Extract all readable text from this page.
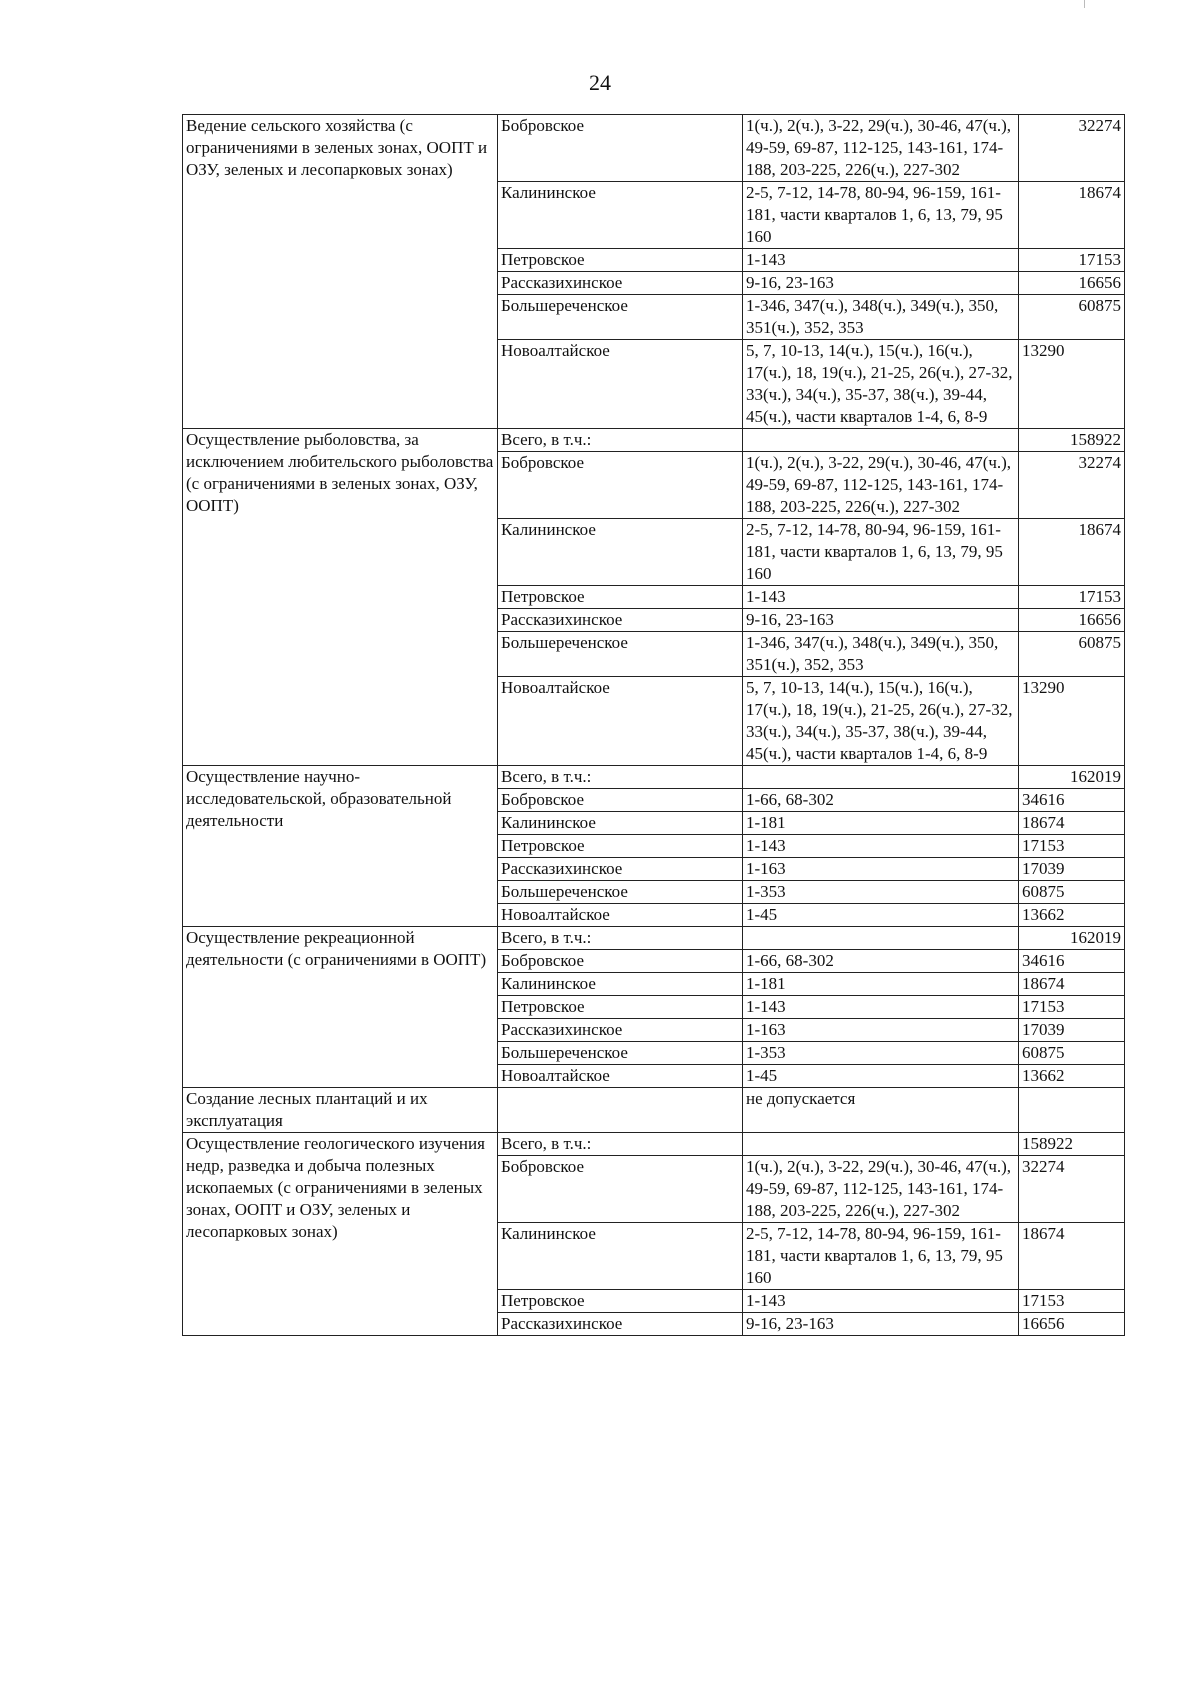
24
Ведение сельского хозяйства (с ограничениями в зеленых зонах, ООПТ и ОЗУ, зеленых и лесопарковых зонах)	Бобровское	1(ч.), 2(ч.), 3-22, 29(ч.), 30-46, 47(ч.), 49-59, 69-87, 112-125, 143-161, 174-188, 203-225, 226(ч.), 227-302	32274
	Калининское	2-5, 7-12, 14-78, 80-94, 96-159, 161-181, части кварталов 1, 6, 13, 79, 95 160	18674
	Петровское	1-143	17153
	Рассказихинское	9-16, 23-163	16656
	Большереченское	1-346, 347(ч.), 348(ч.), 349(ч.), 350, 351(ч.), 352, 353	60875
	Новоалтайское	5, 7, 10-13, 14(ч.), 15(ч.), 16(ч.), 17(ч.), 18, 19(ч.), 21-25, 26(ч.), 27-32, 33(ч.), 34(ч.), 35-37, 38(ч.), 39-44, 45(ч.), части кварталов 1-4, 6, 8-9	13290
Осуществление рыболовства, за исключением любительского рыболовства (с ограничениями в зеленых зонах, ОЗУ, ООПТ)	Всего, в т.ч.:		158922
	Бобровское	1(ч.), 2(ч.), 3-22, 29(ч.), 30-46, 47(ч.), 49-59, 69-87, 112-125, 143-161, 174-188, 203-225, 226(ч.), 227-302	32274
	Калининское	2-5, 7-12, 14-78, 80-94, 96-159, 161-181, части кварталов 1, 6, 13, 79, 95 160	18674
	Петровское	1-143	17153
	Рассказихинское	9-16, 23-163	16656
	Большереченское	1-346, 347(ч.), 348(ч.), 349(ч.), 350, 351(ч.), 352, 353	60875
	Новоалтайское	5, 7, 10-13, 14(ч.), 15(ч.), 16(ч.), 17(ч.), 18, 19(ч.), 21-25, 26(ч.), 27-32, 33(ч.), 34(ч.), 35-37, 38(ч.), 39-44, 45(ч.), части кварталов 1-4, 6, 8-9	13290
Осуществление научно-исследовательской, образовательной деятельности	Всего, в т.ч.:		162019
	Бобровское	1-66, 68-302	34616
	Калининское	1-181	18674
	Петровское	1-143	17153
	Рассказихинское	1-163	17039
	Большереченское	1-353	60875
	Новоалтайское	1-45	13662
Осуществление рекреационной деятельности (с ограничениями в ООПТ)	Всего, в т.ч.:		162019
	Бобровское	1-66, 68-302	34616
	Калининское	1-181	18674
	Петровское	1-143	17153
	Рассказихинское	1-163	17039
	Большереченское	1-353	60875
	Новоалтайское	1-45	13662
Создание лесных плантаций и их эксплуатация		не допускается	
Осуществление геологического изучения недр, разведка и добыча полезных ископаемых (с ограничениями в зеленых зонах, ООПТ и ОЗУ, зеленых и лесопарковых зонах)	Всего, в т.ч.:		158922
	Бобровское	1(ч.), 2(ч.), 3-22, 29(ч.), 30-46, 47(ч.), 49-59, 69-87, 112-125, 143-161, 174-188, 203-225, 226(ч.), 227-302	32274
	Калининское	2-5, 7-12, 14-78, 80-94, 96-159, 161-181, части кварталов 1, 6, 13, 79, 95 160	18674
	Петровское	1-143	17153
	Рассказихинское	9-16, 23-163	16656
